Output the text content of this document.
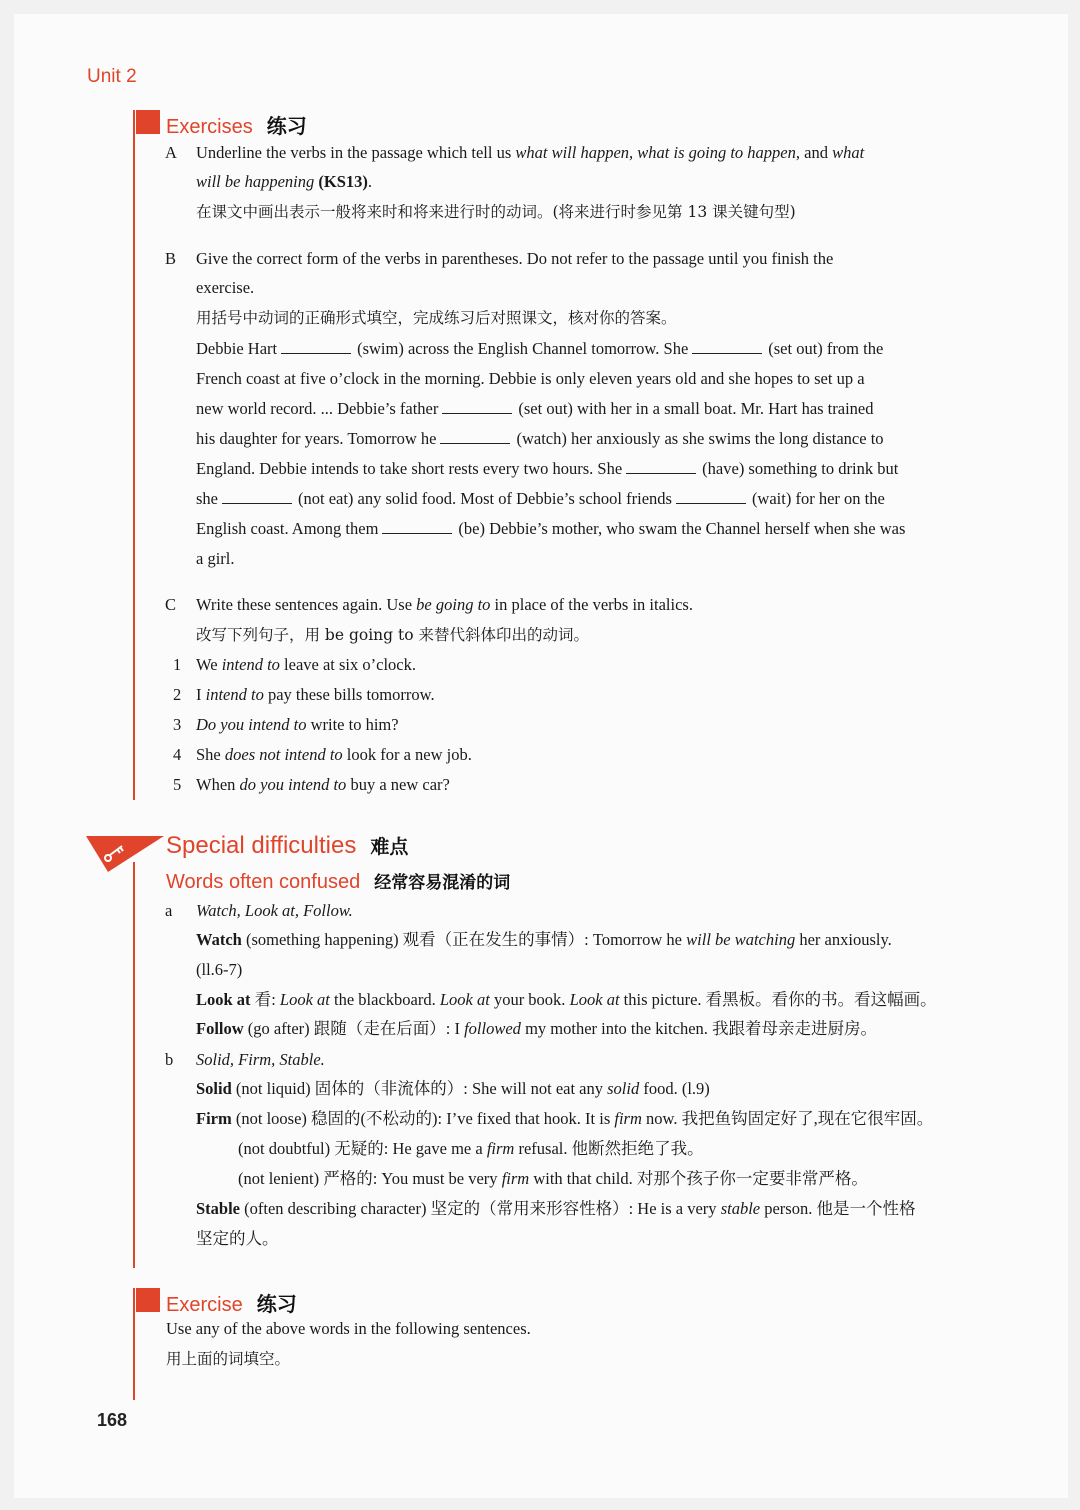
Unit 2
Exercises 练习
A Underline the verbs in the passage which tell us what will happen, what is going to happen, and what
will be happening (KS13).
在课文中画出表示一般将来时和将来进行时的动词。(将来进行时参见第 13 课关键句型)
B Give the correct form of the verbs in parentheses. Do not refer to the passage until you finish the
exercise.
用括号中动词的正确形式填空，完成练习后对照课文，核对你的答案。
Debbie Hart	(swim) across the English Channel tomorrow. She	(set out) from the
French coast at five o’clock in the morning. Debbie is only eleven years old and she hopes to set up a
new world record. ... Debbie’s father	(set out) with her in a small boat. Mr. Hart has trained
his daughter for years. Tomorrow he	(watch) her anxiously as she swims the long distance to
England. Debbie intends to take short rests every two hours. She	(have) something to drink but
she	(not eat) any solid food. Most of Debbie’s school friends	(wait) for her on the
English coast. Among them	(be) Debbie’s mother, who swam the Channel herself when she was
a girl.
C Write these sentences again. Use be going to in place of the verbs in italics.
改写下列句子，用 be going to 来替代斜体印出的动词。
1 We intend to leave at six o’clock.
2 I intend to pay these bills tomorrow.
3 Do you intend to write to him?
4 She does not intend to look for a new job.
5 When do you intend to buy a new car?
Special difficulties 难点
Words often confused 经常容易混淆的词
a Watch, Look at, Follow.
Watch (something happening) 观看（正在发生的事情）: Tomorrow he will be watching her anxiously.
(ll.6-7)
Look at 看: Look at the blackboard. Look at your book. Look at this picture. 看黑板。看你的书。看这幅画。
Follow (go after) 跟随（走在后面）: I followed my mother into the kitchen. 我跟着母亲走进厨房。
b Solid, Firm, Stable.
Solid (not liquid) 固体的（非流体的）: She will not eat any solid food. (l.9)
Firm (not loose) 稳固的(不松动的): I’ve fixed that hook. It is firm now. 我把鱼钩固定好了,现在它很牢固。
(not doubtful) 无疑的: He gave me a firm refusal. 他断然拒绝了我。
(not lenient) 严格的: You must be very firm with that child. 对那个孩子你一定要非常严格。
Stable (often describing character) 坚定的（常用来形容性格）: He is a very stable person. 他是一个性格
坚定的人。
Exercise 练习
Use any of the above words in the following sentences.
用上面的词填空。
168
